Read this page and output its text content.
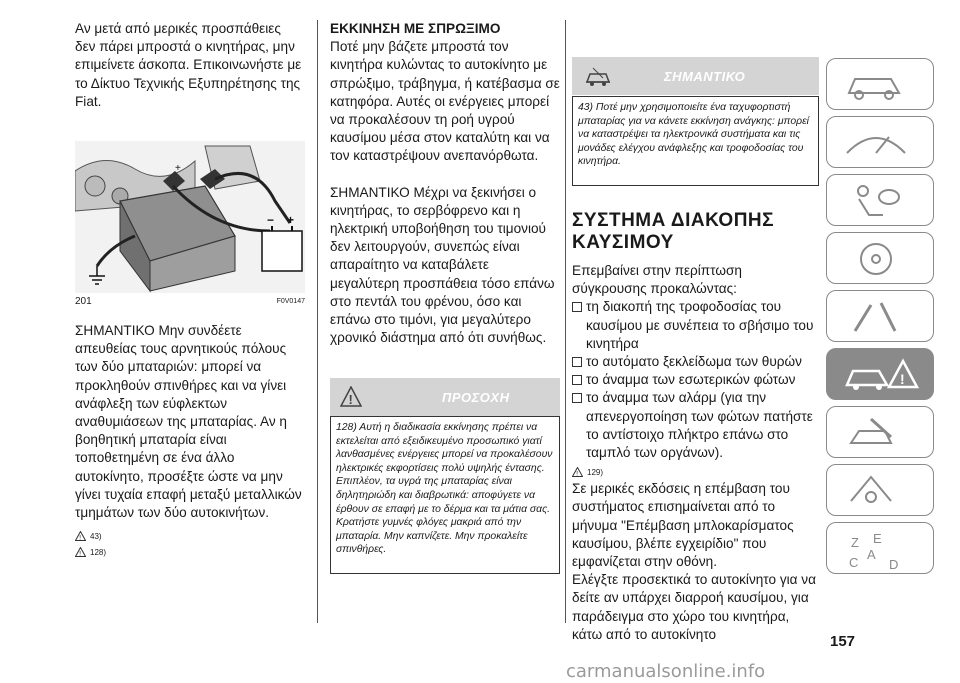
Αν μετά από μερικές προσπάθειες δεν πάρει μπροστά ο κινητήρας, μην επιμείνετε άσκοπα. Επικοινωνήστε με το Δίκτυο Τεχνικής Εξυπηρέτησης της Fiat.

+
− +
201	F0V0147

ΣΗΜΑΝΤΙΚΟ Μην συνδέετε απευθείας τους αρνητικούς πόλους των δύο μπαταριών: μπορεί να προκληθούν σπινθήρες και να γίνει ανάφλεξη των εύφλεκτων αναθυμιάσεων της μπαταρίας. Αν η βοηθητική μπαταρία είναι τοποθετημένη σε ένα άλλο αυτοκίνητο, προσέξτε ώστε να μην γίνει τυχαία επαφή μεταξύ μεταλλικών τμημάτων των δύο αυτοκινήτων.

! 43)
! 128)

ΕΚΚΙΝΗΣΗ ΜΕ ΣΠΡΩΞΙΜΟ

Ποτέ μην βάζετε μπροστά τον κινητήρα κυλώντας το αυτοκίνητο με σπρώξιμο, τράβηγμα, ή κατέβασμα σε κατηφόρα. Αυτές οι ενέργειες μπορεί να προκαλέσουν τη ροή υγρού καυσίμου μέσα στον καταλύτη και να τον καταστρέψουν ανεπανόρθωτα.

ΣΗΜΑΝΤΙΚΟ Μέχρι να ξεκινήσει ο κινητήρας, το σερβόφρενο και η ηλεκτρική υποβοήθηση του τιμονιού δεν λειτουργούν, συνεπώς είναι απαραίτητο να καταβάλετε μεγαλύτερη προσπάθεια τόσο επάνω στο πεντάλ του φρένου, όσο και επάνω στο τιμόνι, για μεγαλύτερο χρονικό διάστημα από ότι συνήθως.

!	ΠΡΟΣΟΧΗ

128) Αυτή η διαδικασία εκκίνησης πρέπει να εκτελείται από εξειδικευμένο προσωπικό γιατί λανθασμένες ενέργειες μπορεί να προκαλέσουν ηλεκτρικές εκφορτίσεις πολύ υψηλής έντασης. Επιπλέον, τα υγρά της μπαταρίας είναι δηλητηριώδη και διαβρωτικά: αποφύγετε να έρθουν σε επαφή με το δέρμα και τα μάτια σας. Κρατήστε γυμνές φλόγες μακριά από την μπαταρία. Μην καπνίζετε. Μην προκαλείτε σπινθήρες.

ΣΗΜΑΝΤΙΚΟ

43) Ποτέ μην χρησιμοποιείτε ένα ταχυφορτιστή μπαταρίας για να κάνετε εκκίνηση ανάγκης: μπορεί να καταστρέψει τα ηλεκτρονικά συστήματα και τις μονάδες ελέγχου ανάφλεξης και τροφοδοσίας του κινητήρα.

ΣΥΣΤΗΜΑ ΔΙΑΚΟΠΗΣ

ΚΑΥΣΙΜΟΥ

Επεμβαίνει στην περίπτωση σύγκρουσης προκαλώντας:

τη διακοπή της τροφοδοσίας του καυσίμου με συνέπεια το σβήσιμο του κινητήρα
το αυτόματο ξεκλείδωμα των θυρών
το άναμμα των εσωτερικών φώτων
το άναμμα των αλάρμ (για την απενεργοποίηση των φώτων πατήστε το αντίστοιχο πλήκτρο επάνω στο ταμπλό των οργάνων).
! 129)

Σε μερικές εκδόσεις η επέμβαση του συστήματος επισημαίνεται από το μήνυμα "Επέμβαση μπλοκαρίσματος καυσίμου, βλέπε εγχειρίδιο" που εμφανίζεται στην οθόνη.

Ελέγξτε προσεκτικά το αυτοκίνητο για να δείτε αν υπάρχει διαρροή καυσίμου, για παράδειγμα στο χώρο του κινητήρα, κάτω από το αυτοκίνητο

!
Z E
A
C D
157
carmanualsonline.info
